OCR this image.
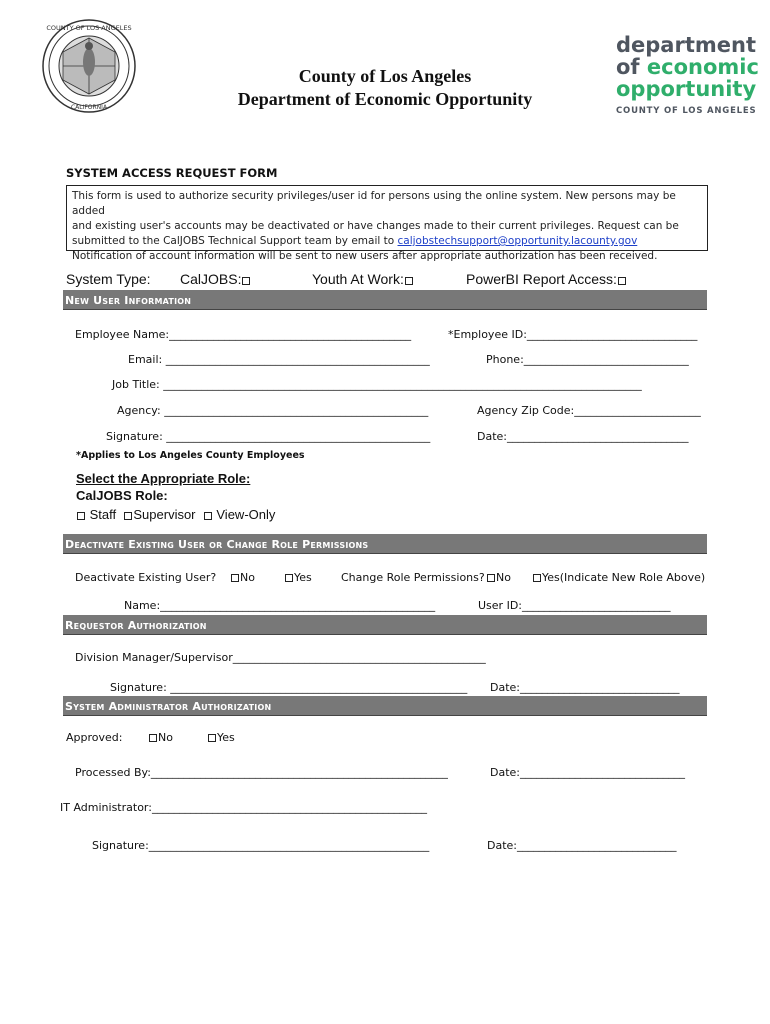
COUNTY OF LOS ANGELES
CALIFORNIA
County of Los Angeles
Department of Economic Opportunity
department
of economic
opportunity
COUNTY OF LOS ANGELES
SYSTEM ACCESS REQUEST FORM
This form is used to authorize security privileges/user id for persons using the online system. New persons may be added
and existing user's accounts may be deactivated or have changes made to their current privileges. Request can be
submitted to the CalJOBS Technical Support team by email to caljobstechsupport@opportunity.lacounty.gov
Notification of account information will be sent to new users after appropriate authorization has been received.
System Type: CalJOBS:	Youth At Work:	PowerBI Report Access:
New User Information
Employee Name:____________________________________________	*Employee ID:_______________________________
Email: ________________________________________________	Phone:______________________________
Job Title: _______________________________________________________________________________________
Agency: ________________________________________________	Agency Zip Code:_______________________
Signature: ________________________________________________	Date:_________________________________
*Applies to Los Angeles County Employees
Select the Appropriate Role:
CalJOBS Role:
Staff Supervisor View-Only
Deactivate Existing User or Change Role Permissions
Deactivate Existing User?	No	Yes	Change Role Permissions?	No	Yes(Indicate New Role Above)
Name:__________________________________________________	User ID:___________________________
Requestor Authorization
Division Manager/Supervisor______________________________________________
Signature: ______________________________________________________ Date:_____________________________
System Administrator Authorization
Approved:	No	Yes
Processed By:______________________________________________________	Date:______________________________
IT Administrator:__________________________________________________
Signature:___________________________________________________	Date:_____________________________
